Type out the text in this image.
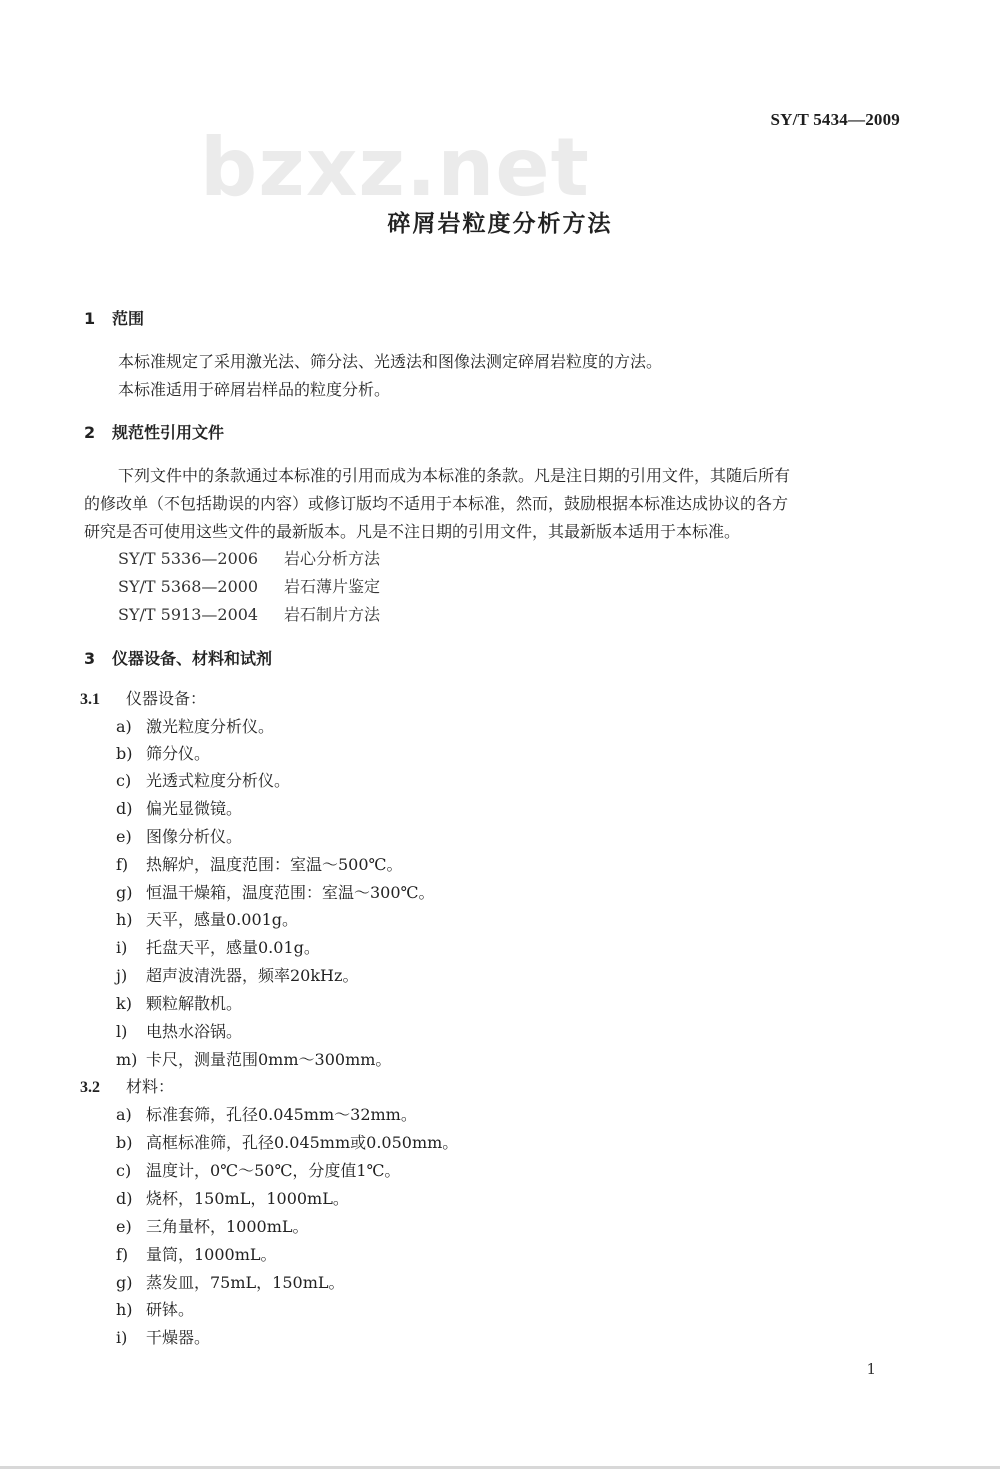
bzxz.net
SY/T 5434—2009
碎屑岩粒度分析方法
1 范围
本标准规定了采用激光法、筛分法、光透法和图像法测定碎屑岩粒度的方法。
本标准适用于碎屑岩样品的粒度分析。
2 规范性引用文件
下列文件中的条款通过本标准的引用而成为本标准的条款。凡是注日期的引用文件，其随后所有
的修改单（不包括勘误的内容）或修订版均不适用于本标准，然而，鼓励根据本标准达成协议的各方
研究是否可使用这些文件的最新版本。凡是不注日期的引用文件，其最新版本适用于本标准。
SY/T 5336—2006 岩心分析方法
SY/T 5368—2000 岩石薄片鉴定
SY/T 5913—2004 岩石制片方法
3 仪器设备、材料和试剂
3.1 仪器设备：
a) 激光粒度分析仪。
b) 筛分仪。
c) 光透式粒度分析仪。
d) 偏光显微镜。
e) 图像分析仪。
f) 热解炉，温度范围：室温～500℃。
g) 恒温干燥箱，温度范围：室温～300℃。
h) 天平，感量0.001g。
i) 托盘天平，感量0.01g。
j) 超声波清洗器，频率20kHz。
k) 颗粒解散机。
l) 电热水浴锅。
m) 卡尺，测量范围0mm～300mm。
3.2 材料：
a) 标准套筛，孔径0.045mm～32mm。
b) 高框标准筛，孔径0.045mm或0.050mm。
c) 温度计，0℃～50℃，分度值1℃。
d) 烧杯，150mL，1000mL。
e) 三角量杯，1000mL。
f) 量筒，1000mL。
g) 蒸发皿，75mL，150mL。
h) 研钵。
i) 干燥器。
1
